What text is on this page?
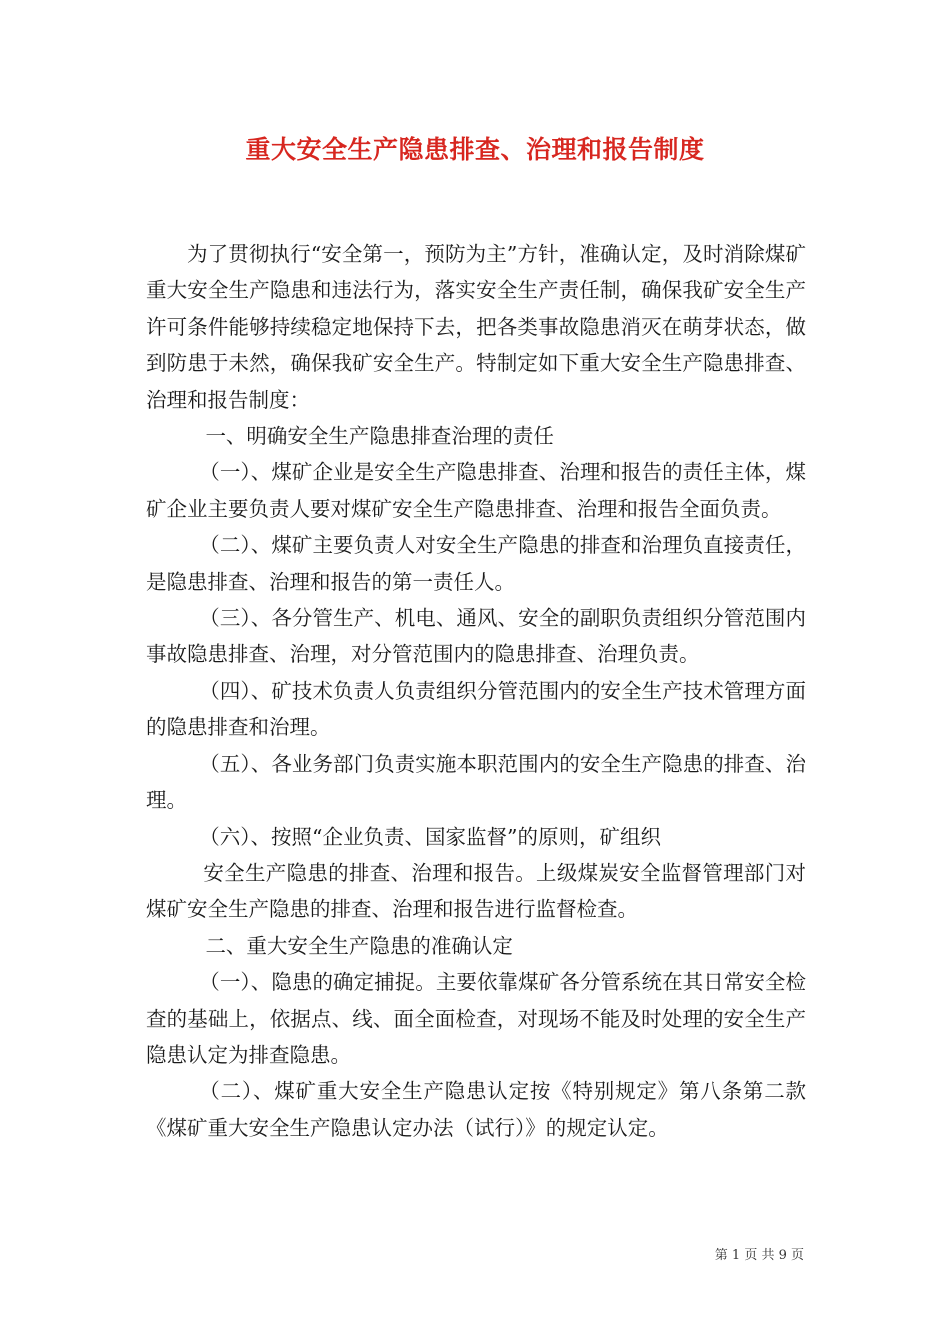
重大安全生产隐患排查、治理和报告制度

为了贯彻执行“安全第一，预防为主”方针，准确认定，及时消除煤矿重大安全生产隐患和违法行为，落实安全生产责任制，确保我矿安全生产许可条件能够持续稳定地保持下去，把各类事故隐患消灭在萌芽状态，做到防患于未然，确保我矿安全生产。特制定如下重大安全生产隐患排查、治理和报告制度：

一、明确安全生产隐患排查治理的责任

（一）、煤矿企业是安全生产隐患排查、治理和报告的责任主体，煤矿企业主要负责人要对煤矿安全生产隐患排查、治理和报告全面负责。

（二）、煤矿主要负责人对安全生产隐患的排查和治理负直接责任，是隐患排查、治理和报告的第一责任人。

（三）、各分管生产、机电、通风、安全的副职负责组织分管范围内事故隐患排查、治理，对分管范围内的隐患排查、治理负责。

（四）、矿技术负责人负责组织分管范围内的安全生产技术管理方面的隐患排查和治理。

（五）、各业务部门负责实施本职范围内的安全生产隐患的排查、治理。

（六）、按照“企业负责、国家监督”的原则，矿组织

安全生产隐患的排查、治理和报告。上级煤炭安全监督管理部门对煤矿安全生产隐患的排查、治理和报告进行监督检查。

二、重大安全生产隐患的准确认定

（一）、隐患的确定捕捉。主要依靠煤矿各分管系统在其日常安全检查的基础上，依据点、线、面全面检查，对现场不能及时处理的安全生产隐患认定为排查隐患。

（二）、煤矿重大安全生产隐患认定按《特别规定》第八条第二款《煤矿重大安全生产隐患认定办法（试行）》的规定认定。

第 1 页 共 9 页
